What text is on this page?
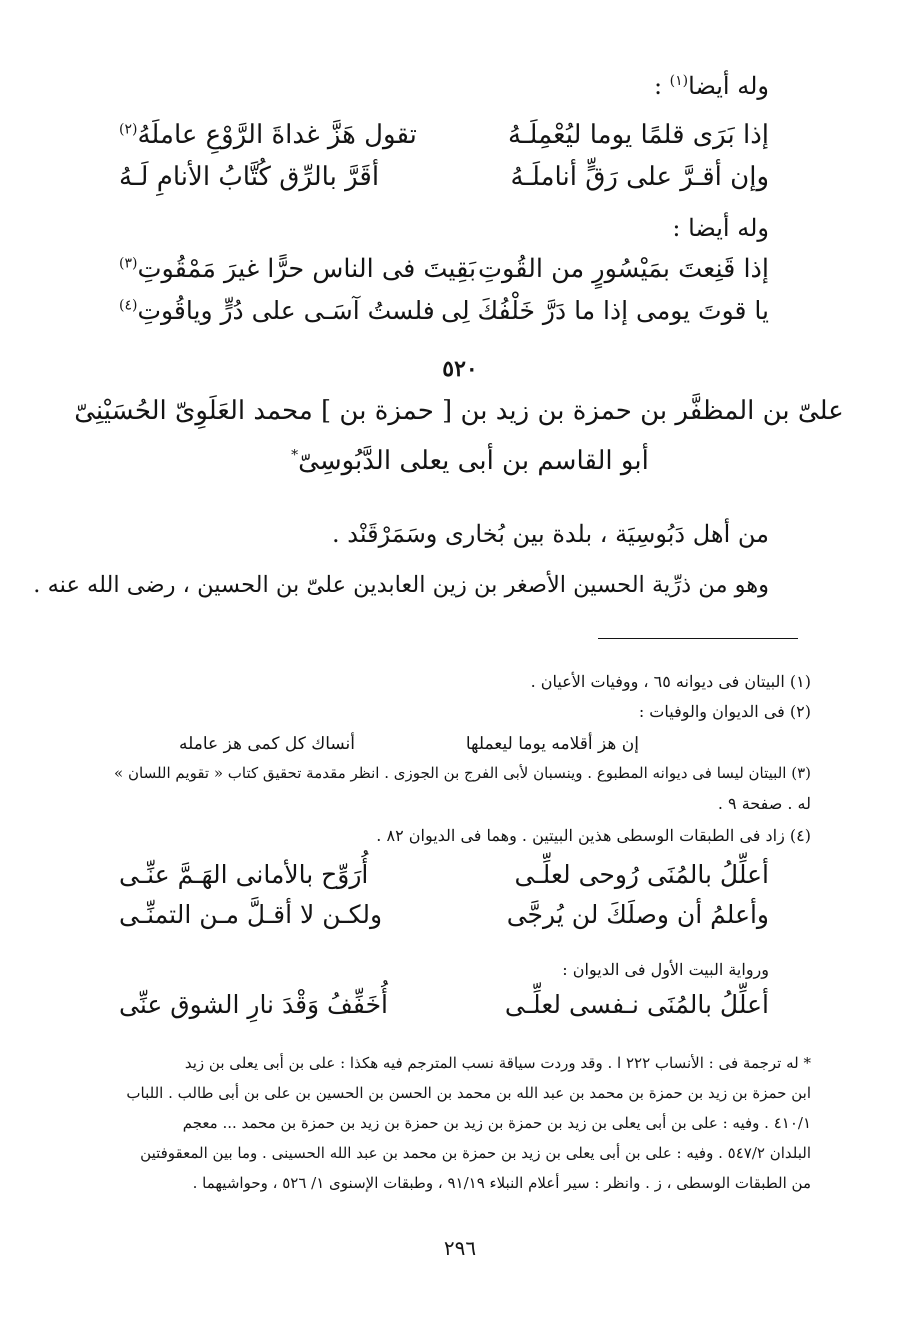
وله أيضا$^{(١)}$ :
إذا بَرَى قلمًا يوما ليُعْمِلَـهُ
تقول هَزَّ غداةَ الرَّوْعِ عاملَهُ$^{(٢)}$
وإن أقـرَّ على رَقٍّ أناملَـهُ
أقَرَّ بالرِّق كُتَّابُ الأنامِ لَـهُ
وله أيضا :
إذا قَنِعتَ بمَيْسُورٍ من القُوتِ
بَقِيتَ فى الناس حرًّا غيرَ مَمْقُوتِ$^{(٣)}$
يا قوتَ يومى إذا ما دَرَّ خَلْفُكَ لِى
فلستُ آسَـى على دُرٍّ وياقُوتِ$^{(٤)}$
٥٢٠
علىّ بن المظفَّر بن حمزة بن زيد بن [ حمزة بن ] محمد العَلَوِىّ الحُسَيْنِىّ
أبو القاسم بن أبى يعلى الدَّبُوسِىّ*
من أهل دَبُوسِيَة ، بلدة بين بُخارى وسَمَرْقَنْد .
وهو من ذرِّية الحسين الأصغر بن زين العابدين علىّ بن الحسين ، رضى الله عنه .
(١) البيتان فى ديوانه ٦٥ ، ووفيات الأعيان .
(٢) فى الديوان والوفيات :
إن هز أقلامه يوما ليعملها
أنساك كل كمى هز عامله
(٣) البيتان ليسا فى ديوانه المطبوع . وينسبان لأبى الفرج بن الجوزى . انظر مقدمة تحقيق كتاب « تقويم اللسان »
له . صفحة ٩ .
(٤) زاد فى الطبقات الوسطى هذين البيتين . وهما فى الديوان ٨٢ .
أعلِّلُ بالمُنَى رُوحى لعلِّـى
أُرَوِّح بالأمانى الهَـمَّ عنِّـى
وأعلمُ أن وصلَكَ لن يُرجَّى
ولكـن لا أقـلَّ مـن التمنِّـى
ورواية البيت الأول فى الديوان :
أعلِّلُ بالمُنَى نـفسى لعلِّـى
أُخَفِّفُ وَقْدَ نارِ الشوق عنِّى
* له ترجمة فى : الأنساب ٢٢٢ ا . وقد وردت سياقة نسب المترجم فيه هكذا : على بن أبى يعلى بن زيد
ابن حمزة بن زيد بن حمزة بن محمد بن عبد الله بن محمد بن الحسن بن الحسين بن على بن أبى طالب . اللباب
٤١٠/١ . وفيه : على بن أبى يعلى بن زيد بن حمزة بن زيد بن حمزة بن زيد بن حمزة بن محمد ... معجم
البلدان ٥٤٧/٢ . وفيه : على بن أبى يعلى بن زيد بن حمزة بن محمد بن عبد الله الحسينى . وما بين المعقوفتين
من الطبقات الوسطى ، ز . وانظر : سير أعلام النبلاء ٩١/١٩ ، وطبقات الإسنوى ١/ ٥٢٦ ، وحواشيهما .
٢٩٦
